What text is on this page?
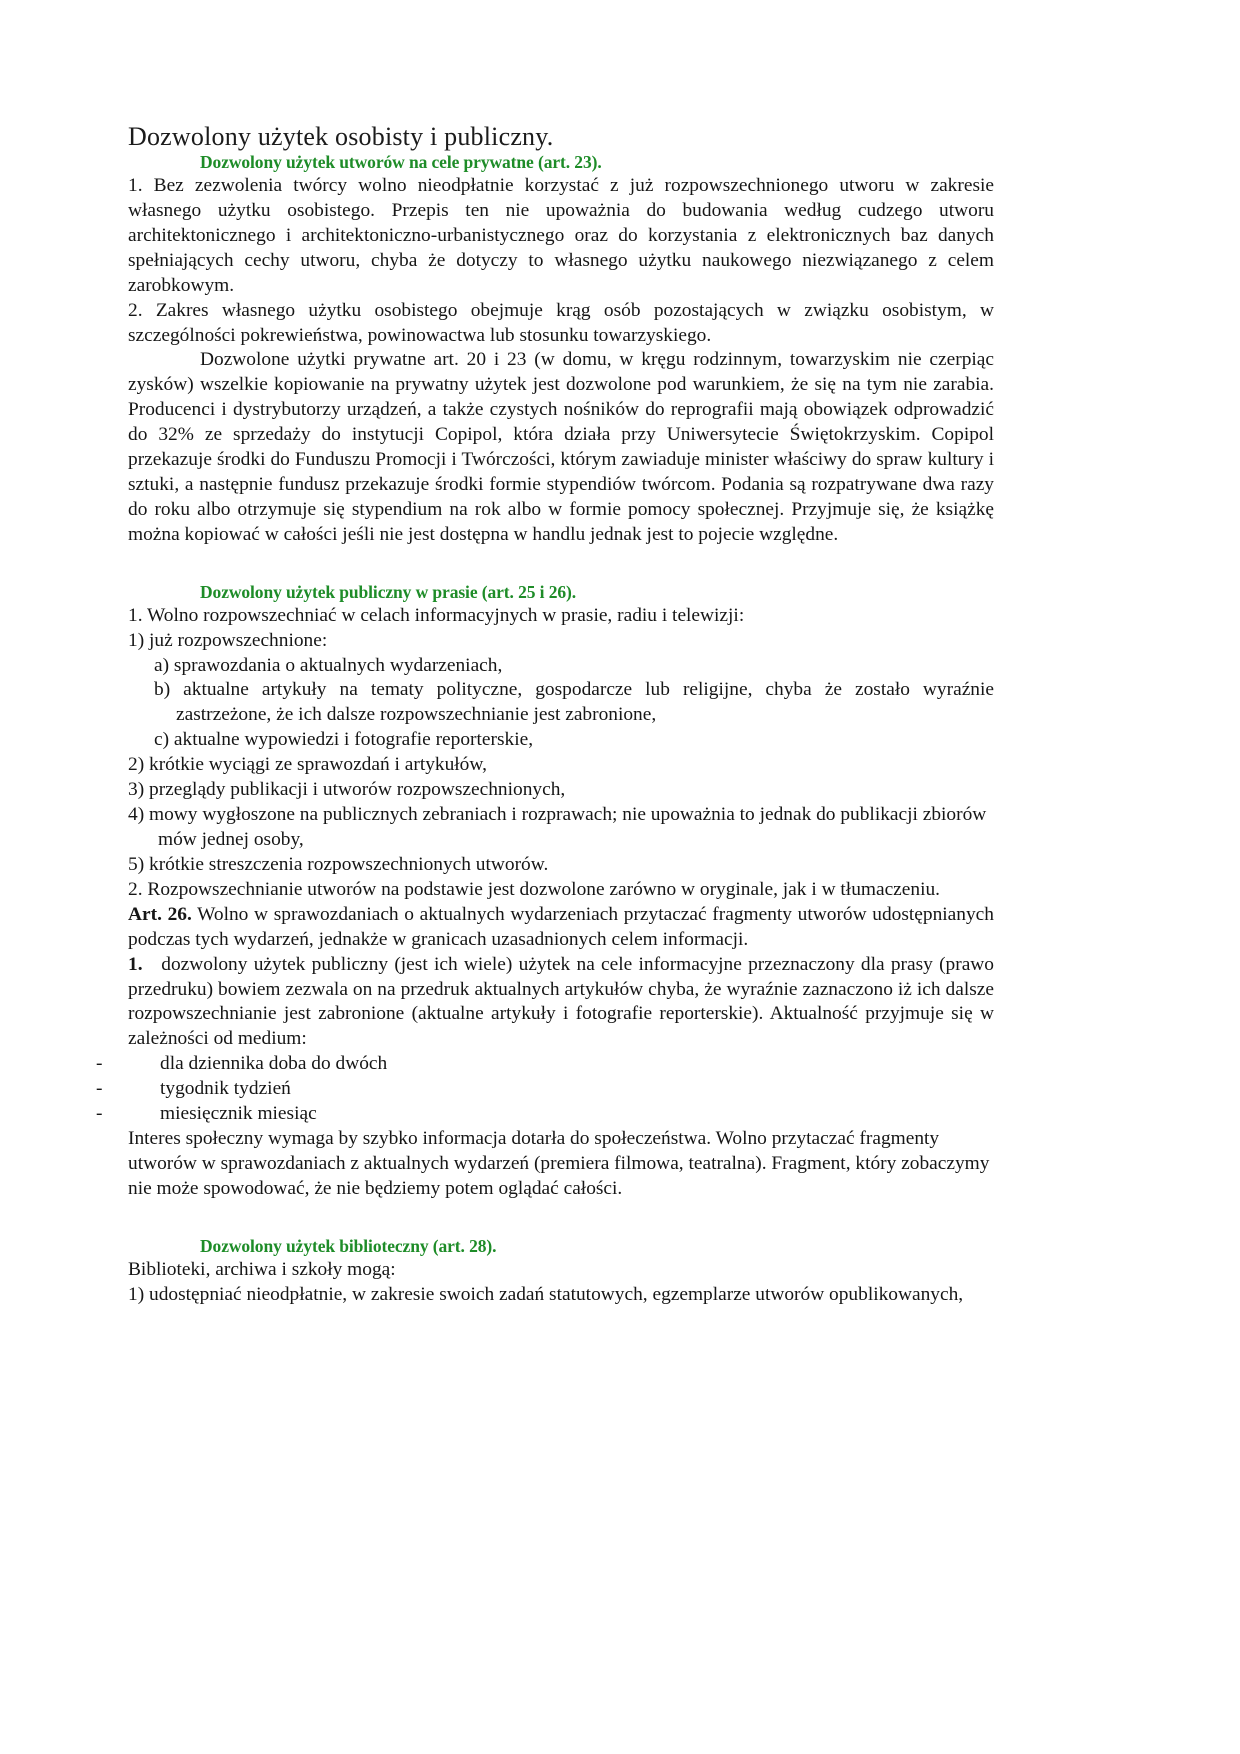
Dozwolony użytek osobisty i publiczny.
Dozwolony użytek utworów na cele prywatne (art. 23).

1. Bez zezwolenia twórcy wolno nieodpłatnie korzystać z już rozpowszechnionego utworu w zakresie własnego użytku osobistego. Przepis ten nie upoważnia do budowania według cudzego utworu architektonicznego i architektoniczno-urbanistycznego oraz do korzystania z elektronicznych baz danych spełniających cechy utworu, chyba że dotyczy to własnego użytku naukowego niezwiązanego z celem zarobkowym.

2. Zakres własnego użytku osobistego obejmuje krąg osób pozostających w związku osobistym, w szczególności pokrewieństwa, powinowactwa lub stosunku towarzyskiego.

Dozwolone użytki prywatne art. 20 i 23 (w domu, w kręgu rodzinnym, towarzyskim nie czerpiąc zysków) wszelkie kopiowanie na prywatny użytek jest dozwolone pod warunkiem, że się na tym nie zarabia. Producenci i dystrybutorzy urządzeń, a także czystych nośników do reprografii mają obowiązek odprowadzić do 32% ze sprzedaży do instytucji Copipol, która działa przy Uniwersytecie Świętokrzyskim. Copipol przekazuje środki do Funduszu Promocji i Twórczości, którym zawiaduje minister właściwy do spraw kultury i sztuki, a następnie fundusz przekazuje środki formie stypendiów twórcom. Podania są rozpatrywane dwa razy do roku albo otrzymuje się stypendium na rok albo w formie pomocy społecznej. Przyjmuje się, że książkę można kopiować w całości jeśli nie jest dostępna w handlu jednak jest to pojecie względne.

Dozwolony użytek publiczny w prasie (art. 25 i 26).

1. Wolno rozpowszechniać w celach informacyjnych w prasie, radiu i telewizji:

1) już rozpowszechnione:

a) sprawozdania o aktualnych wydarzeniach,

b) aktualne artykuły na tematy polityczne, gospodarcze lub religijne, chyba że zostało wyraźnie zastrzeżone, że ich dalsze rozpowszechnianie jest zabronione,

c) aktualne wypowiedzi i fotografie reporterskie,

2) krótkie wyciągi ze sprawozdań i artykułów,

3) przeglądy publikacji i utworów rozpowszechnionych,

4) mowy wygłoszone na publicznych zebraniach i rozprawach; nie upoważnia to jednak do publikacji zbiorów mów jednej osoby,

5) krótkie streszczenia rozpowszechnionych utworów.

2. Rozpowszechnianie utworów na podstawie jest dozwolone zarówno w oryginale, jak i w tłumaczeniu.

Art. 26. Wolno w sprawozdaniach o aktualnych wydarzeniach przytaczać fragmenty utworów udostępnianych podczas tych wydarzeń, jednakże w granicach uzasadnionych celem informacji.

1. dozwolony użytek publiczny (jest ich wiele) użytek na cele informacyjne przeznaczony dla prasy (prawo przedruku) bowiem zezwala on na przedruk aktualnych artykułów chyba, że wyraźnie zaznaczono iż ich dalsze rozpowszechnianie jest zabronione (aktualne artykuły i fotografie reporterskie). Aktualność przyjmuje się w zależności od medium:

-	dla dziennika doba do dwóch

-	tygodnik tydzień

-	miesięcznik miesiąc

Interes społeczny wymaga by szybko informacja dotarła do społeczeństwa. Wolno przytaczać fragmenty utworów w sprawozdaniach z aktualnych wydarzeń (premiera filmowa, teatralna). Fragment, który zobaczymy nie może spowodować, że nie będziemy potem oglądać całości.

Dozwolony użytek biblioteczny (art. 28).

Biblioteki, archiwa i szkoły mogą:

1) udostępniać nieodpłatnie, w zakresie swoich zadań statutowych, egzemplarze utworów opublikowanych,
